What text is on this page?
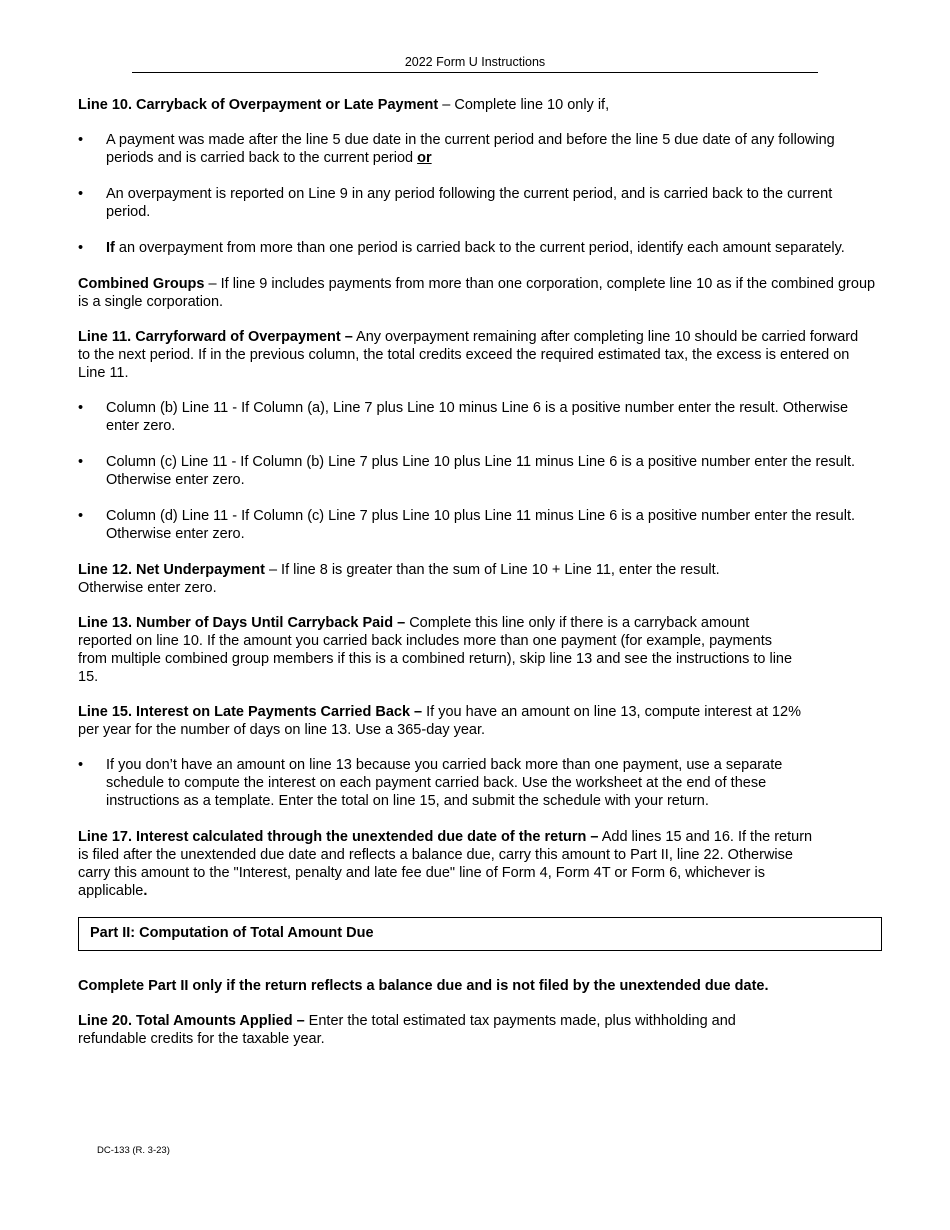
2022 Form U Instructions

Line 10. Carryback of Overpayment or Late Payment – Complete line 10 only if,

• A payment was made after the line 5 due date in the current period and before the line 5 due date of any following periods and is carried back to the current period or
• An overpayment is reported on Line 9 in any period following the current period, and is carried back to the current period.
• If an overpayment from more than one period is carried back to the current period, identify each amount separately.

Combined Groups – If line 9 includes payments from more than one corporation, complete line 10 as if the combined group is a single corporation.

Line 11. Carryforward of Overpayment – Any overpayment remaining after completing line 10 should be carried forward to the next period. If in the previous column, the total credits exceed the required estimated tax, the excess is entered on Line 11.

• Column (b) Line 11 - If Column (a), Line 7 plus Line 10 minus Line 6 is a positive number enter the result. Otherwise enter zero.
• Column (c) Line 11 - If Column (b) Line 7 plus Line 10 plus Line 11 minus Line 6 is a positive number enter the result. Otherwise enter zero.
• Column (d) Line 11 - If Column (c) Line 7 plus Line 10 plus Line 11 minus Line 6 is a positive number enter the result. Otherwise enter zero.

Line 12. Net Underpayment – If line 8 is greater than the sum of Line 10 + Line 11, enter the result. Otherwise enter zero.

Line 13. Number of Days Until Carryback Paid – Complete this line only if there is a carryback amount reported on line 10. If the amount you carried back includes more than one payment (for example, payments from multiple combined group members if this is a combined return), skip line 13 and see the instructions to line 15.

Line 15. Interest on Late Payments Carried Back – If you have an amount on line 13, compute interest at 12% per year for the number of days on line 13. Use a 365-day year.

• If you don’t have an amount on line 13 because you carried back more than one payment, use a separate schedule to compute the interest on each payment carried back. Use the worksheet at the end of these instructions as a template. Enter the total on line 15, and submit the schedule with your return.

Line 17. Interest calculated through the unextended due date of the return – Add lines 15 and 16. If the return is filed after the unextended due date and reflects a balance due, carry this amount to Part II, line 22. Otherwise carry this amount to the "Interest, penalty and late fee due" line of Form 4, Form 4T or Form 6, whichever is applicable.

Part II: Computation of Total Amount Due

Complete Part II only if the return reflects a balance due and is not filed by the unextended due date.

Line 20. Total Amounts Applied – Enter the total estimated tax payments made, plus withholding and refundable credits for the taxable year.

DC-133 (R. 3-23)
